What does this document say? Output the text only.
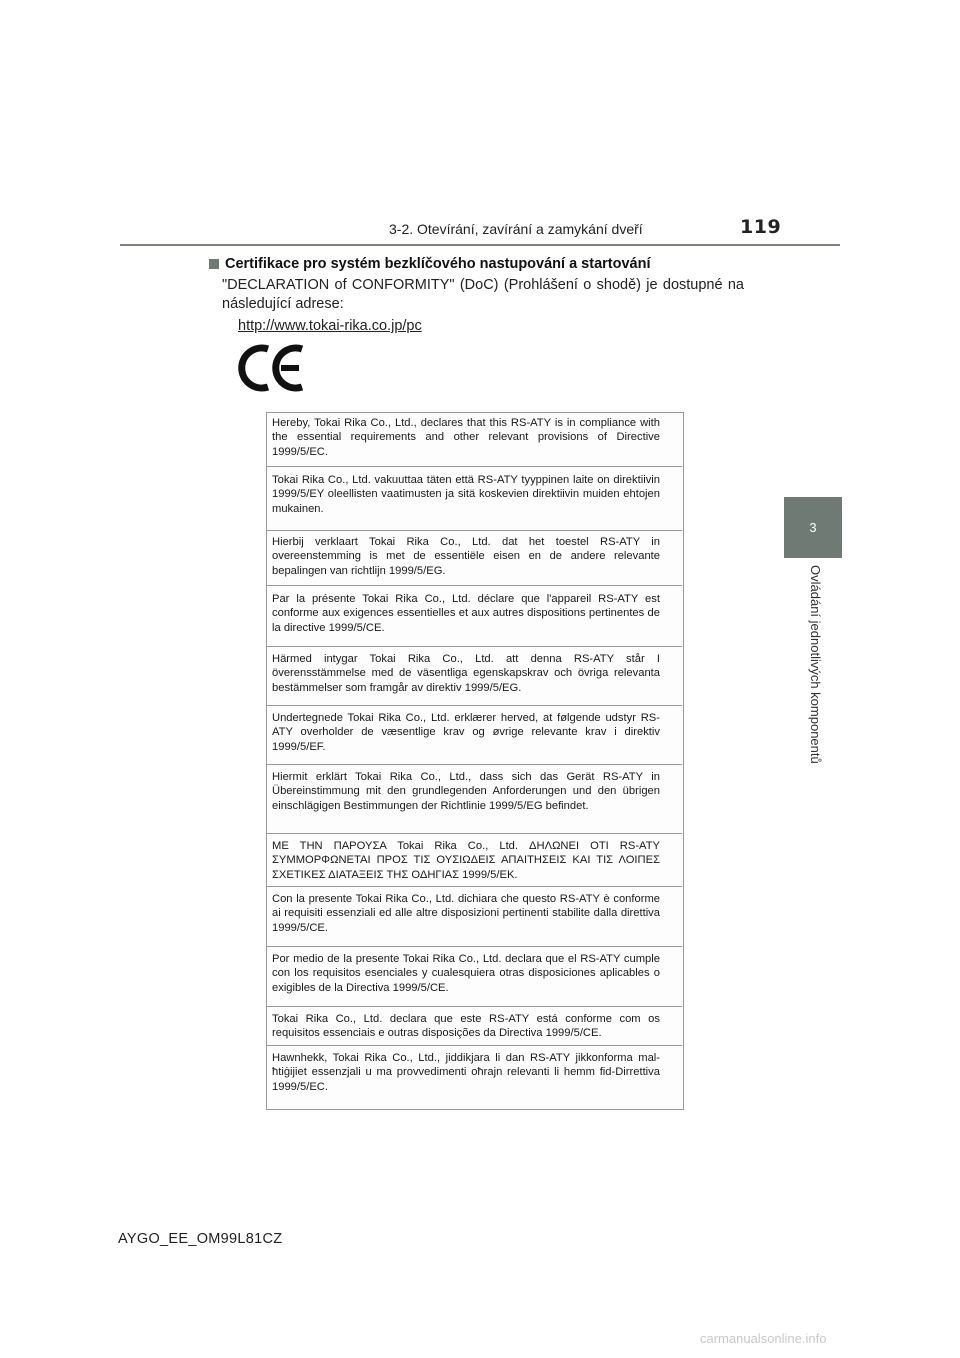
3-2. Otevírání, zavírání a zamykání dveří	119
3
Ovládání jednotlivých komponentů
Certifikace pro systém bezklíčového nastupování a startování
"DECLARATION of CONFORMITY" (DoC) (Prohlášení o shodě) je dostupné na následující adrese:
http://www.tokai-rika.co.jp/pc
Hereby, Tokai Rika Co., Ltd., declares that this RS-ATY is in compliance with the essential requirements and other relevant provisions of Directive 1999/5/EC.
Tokai Rika Co., Ltd. vakuuttaa täten että RS-ATY tyyppinen laite on direktiivin 1999/5/EY oleellisten vaatimusten ja sitä koskevien direktiivin muiden ehtojen mukainen.
Hierbij verklaart Tokai Rika Co., Ltd. dat het toestel RS-ATY in overeenstemming is met de essentiële eisen en de andere relevante bepalingen van richtlijn 1999/5/EG.
Par la présente Tokai Rika Co., Ltd. déclare que l'appareil RS-ATY est conforme aux exigences essentielles et aux autres dispositions pertinentes de la directive 1999/5/CE.
Härmed intygar Tokai Rika Co., Ltd. att denna RS-ATY står I överensstämmelse med de väsentliga egenskapskrav och övriga relevanta bestämmelser som framgår av direktiv 1999/5/EG.
Undertegnede Tokai Rika Co., Ltd. erklærer herved, at følgende udstyr RS-ATY overholder de væsentlige krav og øvrige relevante krav i direktiv 1999/5/EF.
Hiermit erklärt Tokai Rika Co., Ltd., dass sich das Gerät RS-ATY in Übereinstimmung mit den grundlegenden Anforderungen und den übrigen einschlägigen Bestimmungen der Richtlinie 1999/5/EG befindet.
ΜΕ ΤΗΝ ΠΑΡΟΥΣΑ Tokai Rika Co., Ltd. ΔΗΛΩΝΕΙ ΟΤΙ RS-ATY ΣΥΜΜΟΡΦΩΝΕΤΑΙ ΠΡΟΣ ΤΙΣ ΟΥΣΙΩΔΕΙΣ ΑΠΑΙΤΗΣΕΙΣ ΚΑΙ ΤΙΣ ΛΟΙΠΕΣ ΣΧΕΤΙΚΕΣ ΔΙΑΤΑΞΕΙΣ ΤΗΣ ΟΔΗΓΙΑΣ 1999/5/ΕΚ.
Con la presente Tokai Rika Co., Ltd. dichiara che questo RS-ATY è conforme ai requisiti essenziali ed alle altre disposizioni pertinenti stabilite dalla direttiva 1999/5/CE.
Por medio de la presente Tokai Rika Co., Ltd. declara que el RS-ATY cumple con los requisitos esenciales y cualesquiera otras disposiciones aplicables o exigibles de la Directiva 1999/5/CE.
Tokai Rika Co., Ltd. declara que este RS-ATY está conforme com os requisitos essenciais e outras disposições da Directiva 1999/5/CE.
Hawnhekk, Tokai Rika Co., Ltd., jiddikjara li dan RS-ATY jikkonforma mal-ħtiġijiet essenzjali u ma provvedimenti oħrajn relevanti li hemm fid-Dirrettiva 1999/5/EC.
AYGO_EE_OM99L81CZ
carmanualsonline.info
